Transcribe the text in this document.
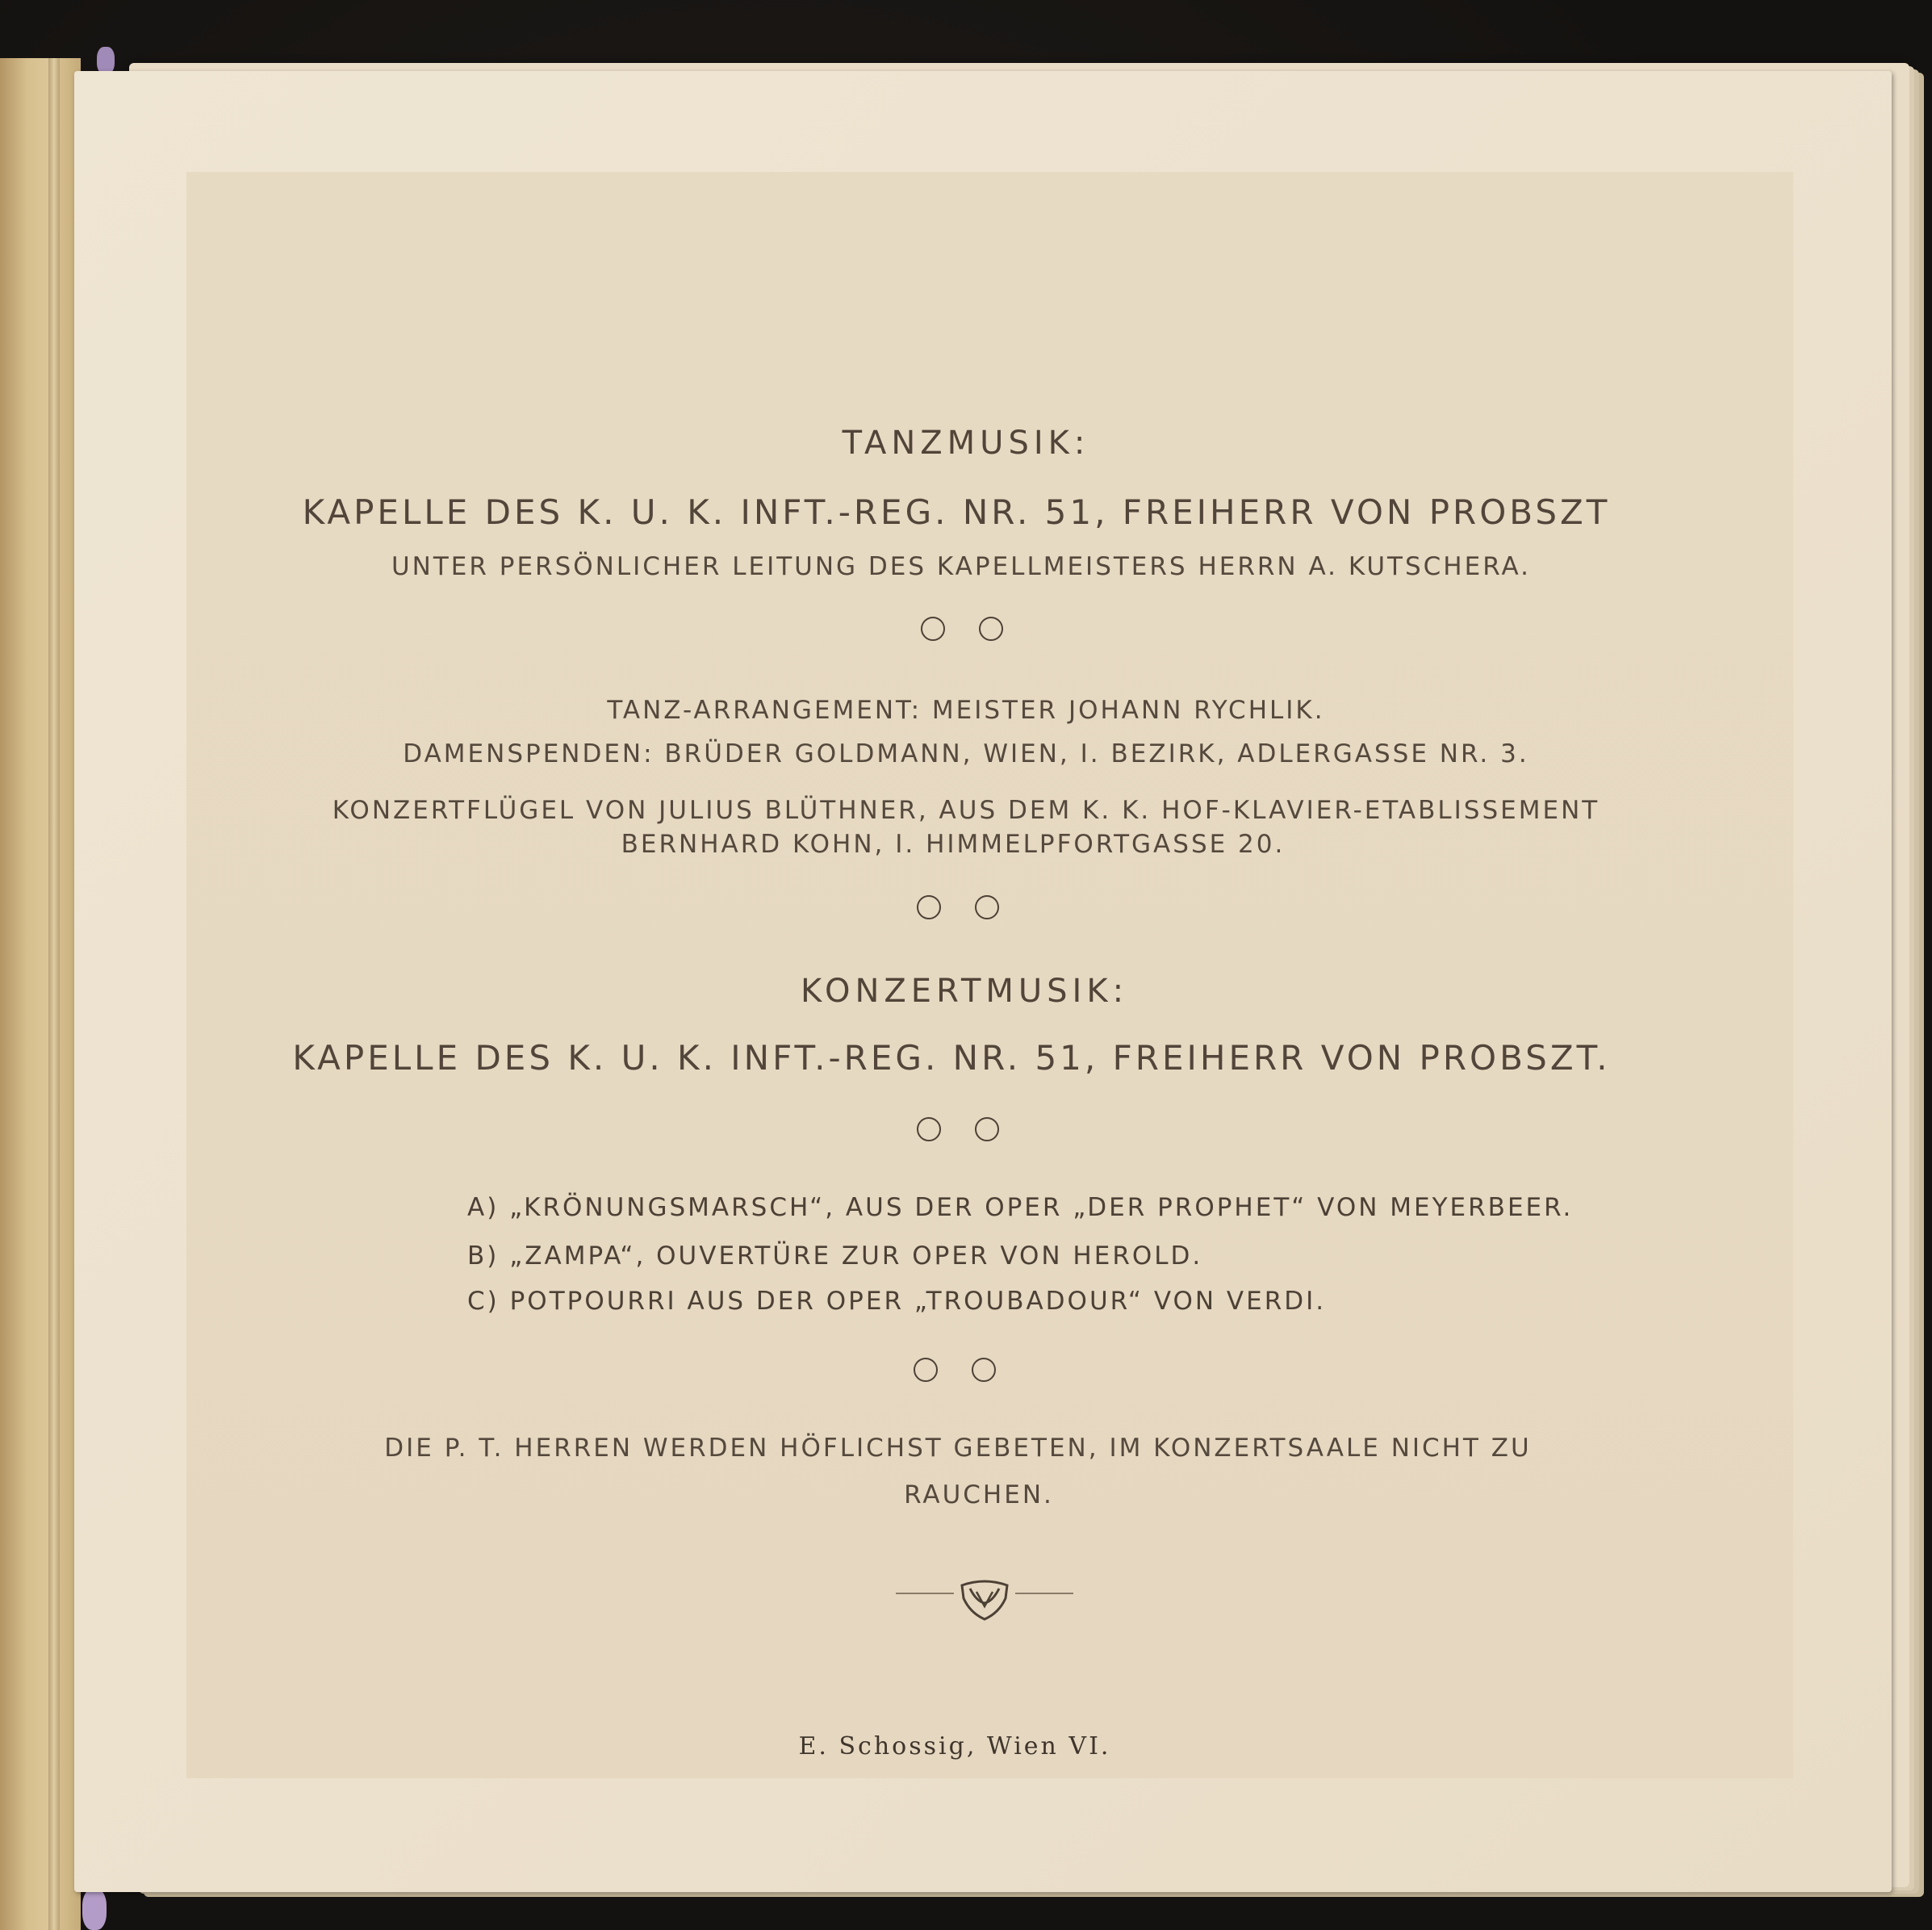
TANZMUSIK:
KAPELLE DES K. U. K. INFT.-REG. NR. 51, FREIHERR VON PROBSZT
UNTER PERSÖNLICHER LEITUNG DES KAPELLMEISTERS HERRN A. KUTSCHERA.
TANZ-ARRANGEMENT: MEISTER JOHANN RYCHLIK.
DAMENSPENDEN: BRÜDER GOLDMANN, WIEN, I. BEZIRK, ADLERGASSE NR. 3.
KONZERTFLÜGEL VON JULIUS BLÜTHNER, AUS DEM K. K. HOF-KLAVIER-ETABLISSEMENT
BERNHARD KOHN, I. HIMMELPFORTGASSE 20.
KONZERTMUSIK:
KAPELLE DES K. U. K. INFT.-REG. NR. 51, FREIHERR VON PROBSZT.
A) „KRÖNUNGSMARSCH“, AUS DER OPER „DER PROPHET“ VON MEYERBEER.
B) „ZAMPA“, OUVERTÜRE ZUR OPER VON HEROLD.
C) POTPOURRI AUS DER OPER „TROUBADOUR“ VON VERDI.
DIE P. T. HERREN WERDEN HÖFLICHST GEBETEN, IM KONZERTSAALE NICHT ZU
RAUCHEN.
E. Schossig, Wien VI.
